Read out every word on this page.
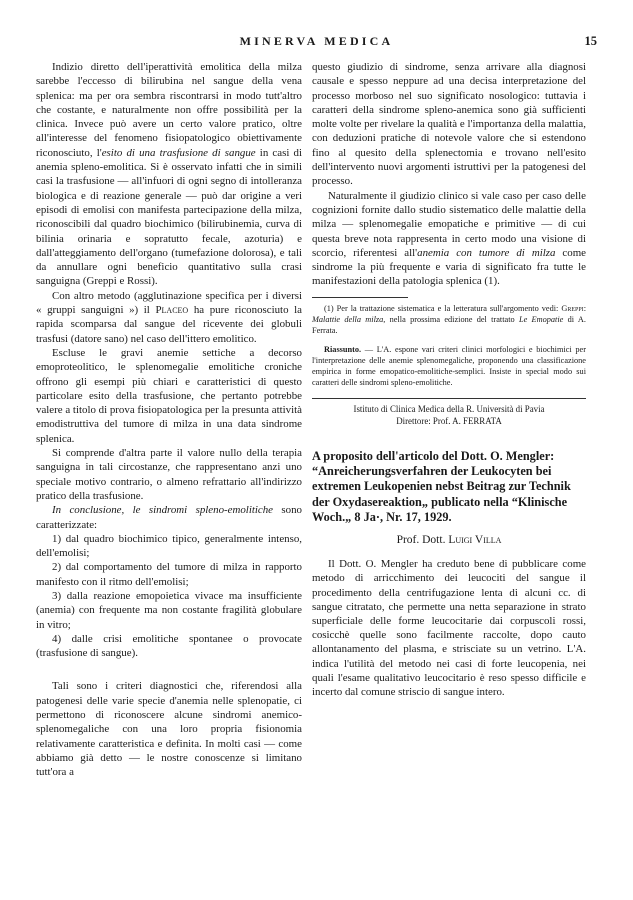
MINERVA MEDICA	15

Indizio diretto dell'iperattività emolitica della milza sarebbe l'eccesso di bilirubina nel sangue della vena splenica: ma per ora sembra riscontrarsi in modo tutt'altro che costante, e naturalmente non offre possibilità per la clinica. Invece può avere un certo valore pratico, oltre all'interesse del fenomeno fisiopatologico obiettivamente riconosciuto, l'esito di una trasfusione di sangue in casi di anemia spleno-emolitica. Si è osservato infatti che in simili casi la trasfusione — all'infuori di ogni segno di intolleranza biologica e di reazione generale — può dar origine a veri episodi di emolisi con manifesta partecipazione della milza, riconoscibili dal quadro biochimico (bilirubinemia, curva di bilinia orinaria e sopratutto fecale, azoturia) e dall'atteggiamento dell'organo (tumefazione dolorosa), e tali da annullare ogni beneficio quantitativo sulla crasi sanguigna (Greppi e Rossi).

Con altro metodo (agglutinazione specifica per i diversi « gruppi sanguigni ») il Placeo ha pure riconosciuto la rapida scomparsa dal sangue del ricevente dei globuli trasfusi (datore sano) nel caso dell'ittero emolitico.

Escluse le gravi anemie settiche a decorso emoproteolitico, le splenomegalie emolitiche croniche offrono gli esempi più chiari e caratteristici di questo particolare esito della trasfusione, che pertanto potrebbe valere a titolo di prova fisiopatologica per la presunta attività emodistruttiva del tumore di milza in una data sindrome splenica.

Si comprende d'altra parte il valore nullo della terapia sanguigna in tali circostanze, che rappresentano anzi uno speciale motivo contrario, o almeno refrattario all'indirizzo pratico della trasfusione.

In conclusione, le sindromi spleno-emolitiche sono caratterizzate:

1) dal quadro biochimico tipico, generalmente intenso, dell'emolisi;

2) dal comportamento del tumore di milza in rapporto manifesto con il ritmo dell'emolisi;

3) dalla reazione emopoietica vivace ma insufficiente (anemia) con frequente ma non costante fragilità globulare in vitro;

4) dalle crisi emolitiche spontanee o provocate (trasfusione di sangue).

Tali sono i criteri diagnostici che, riferendosi alla patogenesi delle varie specie d'anemia nelle splenopatie, ci permettono di riconoscere alcune sindromi anemico-splenomegaliche con una loro propria fisionomia relativamente caratteristica e definita. In molti casi — come abbiamo già detto — le nostre conoscenze si limitano tutt'ora a

questo giudizio di sindrome, senza arrivare alla diagnosi causale e spesso neppure ad una decisa interpretazione del processo morboso nel suo significato nosologico: tuttavia i caratteri della sindrome spleno-anemica sono già sufficienti molte volte per rivelare la qualità e l'importanza della malattia, con deduzioni pratiche di notevole valore che si estendono fino al quesito della splenectomia e trovano nell'esito dell'intervento nuovi argomenti istruttivi per la patogenesi del processo.

Naturalmente il giudizio clinico si vale caso per caso delle cognizioni fornite dallo studio sistematico delle malattie della milza — splenomegalie emopatiche e primitive — di cui questa breve nota rappresenta in certo modo una visione di scorcio, riferentesi all'anemia con tumore di milza come sindrome la più frequente e varia di significato fra tutte le manifestazioni della patologia splenica (1).

(1) Per la trattazione sistematica e la letteratura sull'argomento vedi: Greppi: Malattie della milza, nella prossima edizione del trattato Le Emopatie di A. Ferrata.

Riassunto. — L'A. espone vari criteri clinici morfologici e biochimici per l'interpretazione delle anemie splenomegaliche, proponendo una classificazione empirica in forme emopatico-emolitiche-semplici. Insiste in special modo sui caratteri delle sindromi spleno-emolitiche.

Istituto di Clinica Medica della R. Università di Pavia
Direttore: Prof. A. FERRATA
A proposito dell'articolo del Dott. O. Mengler: “Anreicherungsverfahren der Leukocyten bei extremen Leukopenien nebst Beitrag zur Technik der Oxydasereaktion„ publicato nella “Klinische Woch.„ 8 Ja·, Nr. 17, 1929.
Prof. Dott. Luigi Villa

Il Dott. O. Mengler ha creduto bene di pubblicare come metodo di arricchimento dei leucociti del sangue il procedimento della centrifugazione lenta di alcuni cc. di sangue citratato, che permette una netta separazione in strato superficiale delle forme leucocitarie dai corpuscoli rossi, cosicchè quelle sono facilmente raccolte, dopo cauto allontanamento del plasma, e strisciate su un vetrino. L'A. indica l'utilità del metodo nei casi di forte leucopenia, nei quali l'esame qualitativo leucocitario è reso spesso difficile e incerto dal comune striscio di sangue intero.
